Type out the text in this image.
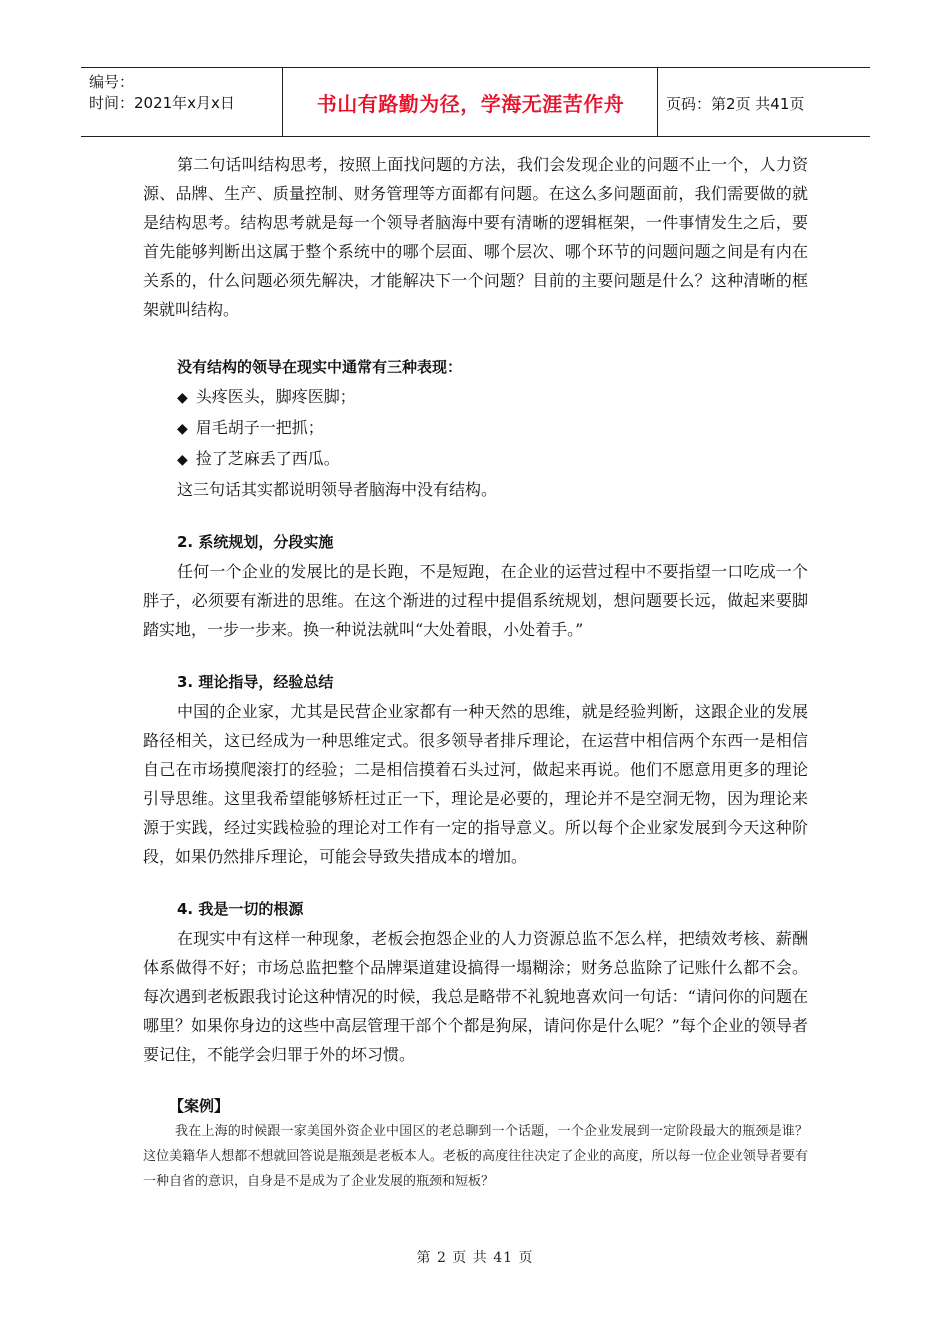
编号：
时间：2021年x月x日	书山有路勤为径，学海无涯苦作舟	页码：第2页 共41页

第二句话叫结构思考，按照上面找问题的方法，我们会发现企业的问题不止一个，人力资源、品牌、生产、质量控制、财务管理等方面都有问题。在这么多问题面前，我们需要做的就是结构思考。结构思考就是每一个领导者脑海中要有清晰的逻辑框架，一件事情发生之后，要首先能够判断出这属于整个系统中的哪个层面、哪个层次、哪个环节的问题问题之间是有内在关系的，什么问题必须先解决，才能解决下一个问题？目前的主要问题是什么？这种清晰的框架就叫结构。

没有结构的领导在现实中通常有三种表现：

◆ 头疼医头，脚疼医脚；
◆ 眉毛胡子一把抓；
◆ 捡了芝麻丢了西瓜。

这三句话其实都说明领导者脑海中没有结构。

2. 系统规划，分段实施

任何一个企业的发展比的是长跑，不是短跑，在企业的运营过程中不要指望一口吃成一个胖子，必须要有渐进的思维。在这个渐进的过程中提倡系统规划，想问题要长远，做起来要脚踏实地，一步一步来。换一种说法就叫“大处着眼，小处着手。”

3. 理论指导，经验总结

中国的企业家，尤其是民营企业家都有一种天然的思维，就是经验判断，这跟企业的发展路径相关，这已经成为一种思维定式。很多领导者排斥理论，在运营中相信两个东西一是相信自己在市场摸爬滚打的经验；二是相信摸着石头过河，做起来再说。他们不愿意用更多的理论引导思维。这里我希望能够矫枉过正一下，理论是必要的，理论并不是空洞无物，因为理论来源于实践，经过实践检验的理论对工作有一定的指导意义。所以每个企业家发展到今天这种阶段，如果仍然排斥理论，可能会导致失措成本的增加。

4. 我是一切的根源

在现实中有这样一种现象，老板会抱怨企业的人力资源总监不怎么样，把绩效考核、薪酬体系做得不好；市场总监把整个品牌渠道建设搞得一塌糊涂；财务总监除了记账什么都不会。每次遇到老板跟我讨论这种情况的时候，我总是略带不礼貌地喜欢问一句话：“请问你的问题在哪里？如果你身边的这些中高层管理干部个个都是狗屎，请问你是什么呢？”每个企业的领导者要记住，不能学会归罪于外的坏习惯。

【案例】

我在上海的时候跟一家美国外资企业中国区的老总聊到一个话题，一个企业发展到一定阶段最大的瓶颈是谁？这位美籍华人想都不想就回答说是瓶颈是老板本人。老板的高度往往决定了企业的高度，所以每一位企业领导者要有一种自省的意识，自身是不是成为了企业发展的瓶颈和短板？

第 2 页 共 41 页
